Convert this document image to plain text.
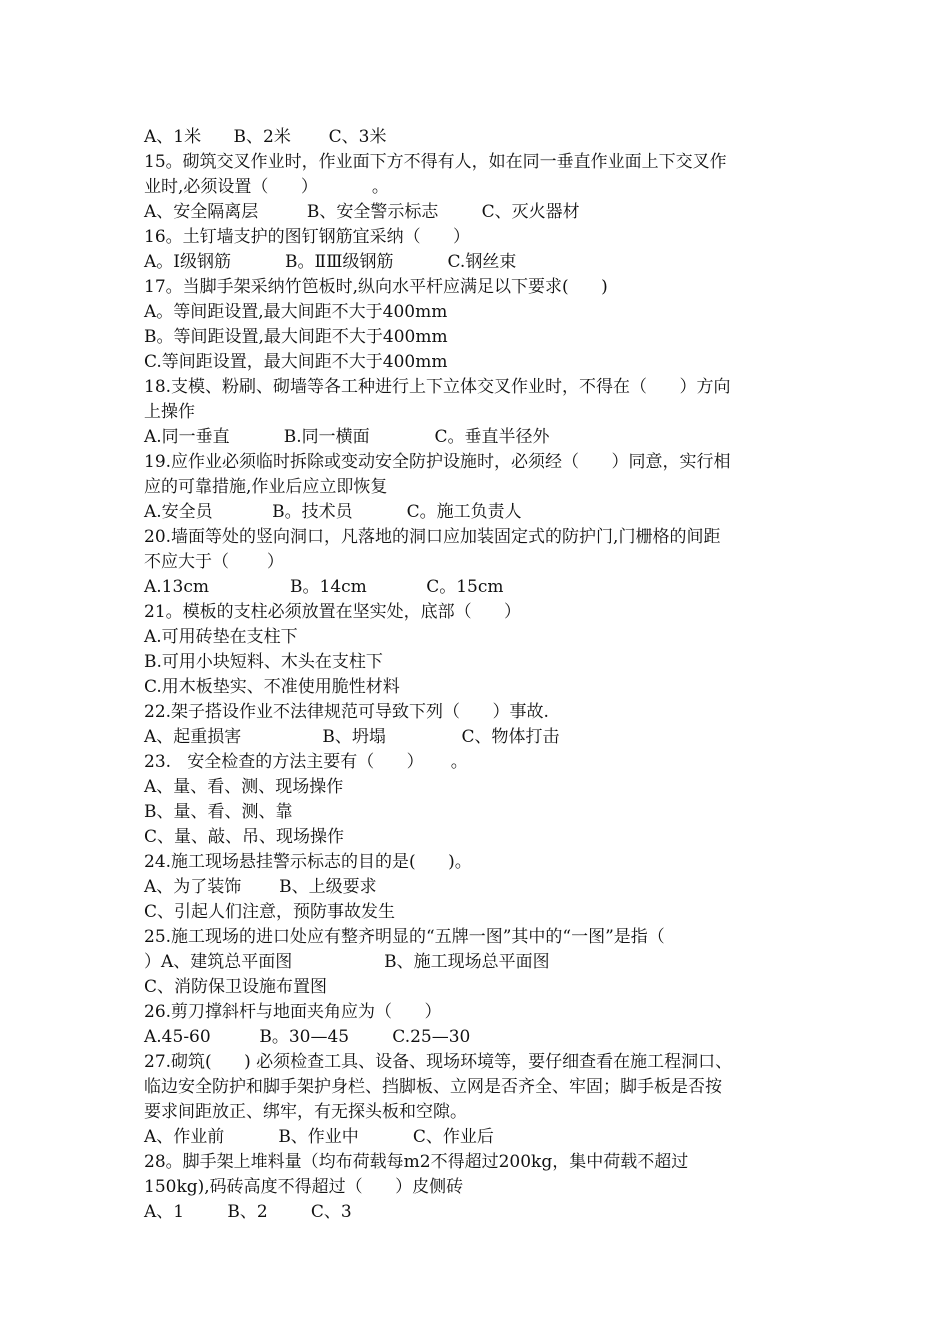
A、1米      B、2米       C、3米
15。砌筑交叉作业时，作业面下方不得有人，如在同一垂直作业面上下交叉作
业时,必须设置（      ）          。
A、安全隔离层         B、安全警示标志        C、灭火器材
16。土钉墙支护的图钉钢筋宜采纳（      ）
A。Ⅰ级钢筋          B。ⅡⅢ级钢筋          C.钢丝束
17。当脚手架采纳竹笆板时,纵向水平杆应满足以下要求(      )
A。等间距设置,最大间距不大于400mm
B。等间距设置,最大间距不大于400mm
C.等间距设置，最大间距不大于400mm
18.支模、粉刷、砌墙等各工种进行上下立体交叉作业时，不得在（      ）方向
上操作
A.同一垂直          B.同一横面            C。垂直半径外
19.应作业必须临时拆除或变动安全防护设施时，必须经（      ）同意，实行相
应的可靠措施,作业后应立即恢复
A.安全员           B。技术员          C。施工负责人
20.墙面等处的竖向洞口，凡落地的洞口应加装固定式的防护门,门栅格的间距
不应大于（       ）
A.13cm               B。14cm           C。15cm
21。模板的支柱必须放置在坚实处，底部（      ）
A.可用砖垫在支柱下
B.可用小块短料、木头在支柱下
C.用木板垫实、不准使用脆性材料
22.架子搭设作业不法律规范可导致下列（      ）事故.
A、起重损害               B、坍塌              C、物体打击
23.   安全检查的方法主要有（      ）     。
A、量、看、测、现场操作
B、量、看、测、靠
C、量、敲、吊、现场操作
24.施工现场悬挂警示标志的目的是(      )。
A、为了装饰       B、上级要求
C、引起人们注意，预防事故发生
25.施工现场的进口处应有整齐明显的“五牌一图”其中的“一图”是指（
）A、建筑总平面图                 B、施工现场总平面图
C、消防保卫设施布置图
26.剪刀撑斜杆与地面夹角应为（      ）
A.45-60         B。30—45        C.25—30
27.砌筑(      ) 必须检查工具、设备、现场环境等，要仔细查看在施工程洞口、
临边安全防护和脚手架护身栏、挡脚板、立网是否齐全、牢固；脚手板是否按
要求间距放正、绑牢，有无探头板和空隙。
A、作业前          B、作业中          C、作业后
28。脚手架上堆料量（均布荷载每m2不得超过200kg，集中荷载不超过
150kg),码砖高度不得超过（      ）皮侧砖
A、1        B、2        C、3
